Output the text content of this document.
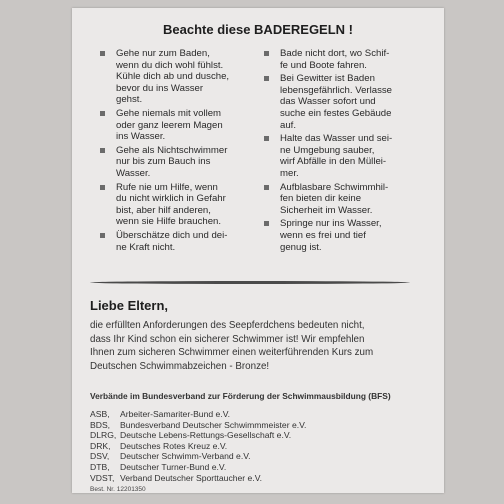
Beachte diese BADEREGELN !
Gehe nur zum Baden,
wenn du dich wohl fühlst.
Kühle dich ab und dusche,
bevor du ins Wasser
gehst.
Gehe niemals mit vollem
oder ganz leerem Magen
ins Wasser.
Gehe als Nichtschwimmer
nur bis zum Bauch ins
Wasser.
Rufe nie um Hilfe, wenn
du nicht wirklich in Gefahr
bist, aber hilf anderen,
wenn sie Hilfe brauchen.
Überschätze dich und dei-
ne Kraft nicht.
Bade nicht dort, wo Schif-
fe und Boote fahren.
Bei Gewitter ist Baden
lebensgefährlich. Verlasse
das Wasser sofort und
suche ein festes Gebäude
auf.
Halte das Wasser und sei-
ne Umgebung sauber,
wirf Abfälle in den Müllei-
mer.
Aufblasbare Schwimmhil-
fen bieten dir keine
Sicherheit im Wasser.
Springe nur ins Wasser,
wenn es frei und tief
genug ist.
Liebe Eltern,
die erfüllten Anforderungen des Seepferdchens bedeuten nicht,
dass Ihr Kind schon ein sicherer Schwimmer ist! Wir empfehlen
Ihnen zum sicheren Schwimmer einen weiterführenden Kurs zum
Deutschen Schwimmabzeichen - Bronze!
Verbände im Bundesverband zur Förderung der Schwimmausbildung (BFS)
ASB,	Arbeiter-Samariter-Bund e.V.
BDS,	Bundesverband Deutscher Schwimmmeister e.V.
DLRG, Deutsche Lebens-Rettungs-Gesellschaft e.V.
DRK,	Deutsches Rotes Kreuz e.V.
DSV,	Deutscher Schwimm-Verband e.V.
DTB,	Deutscher Turner-Bund e.V.
VDST, Verband Deutscher Sporttaucher e.V.
Best. Nr. 12201350
